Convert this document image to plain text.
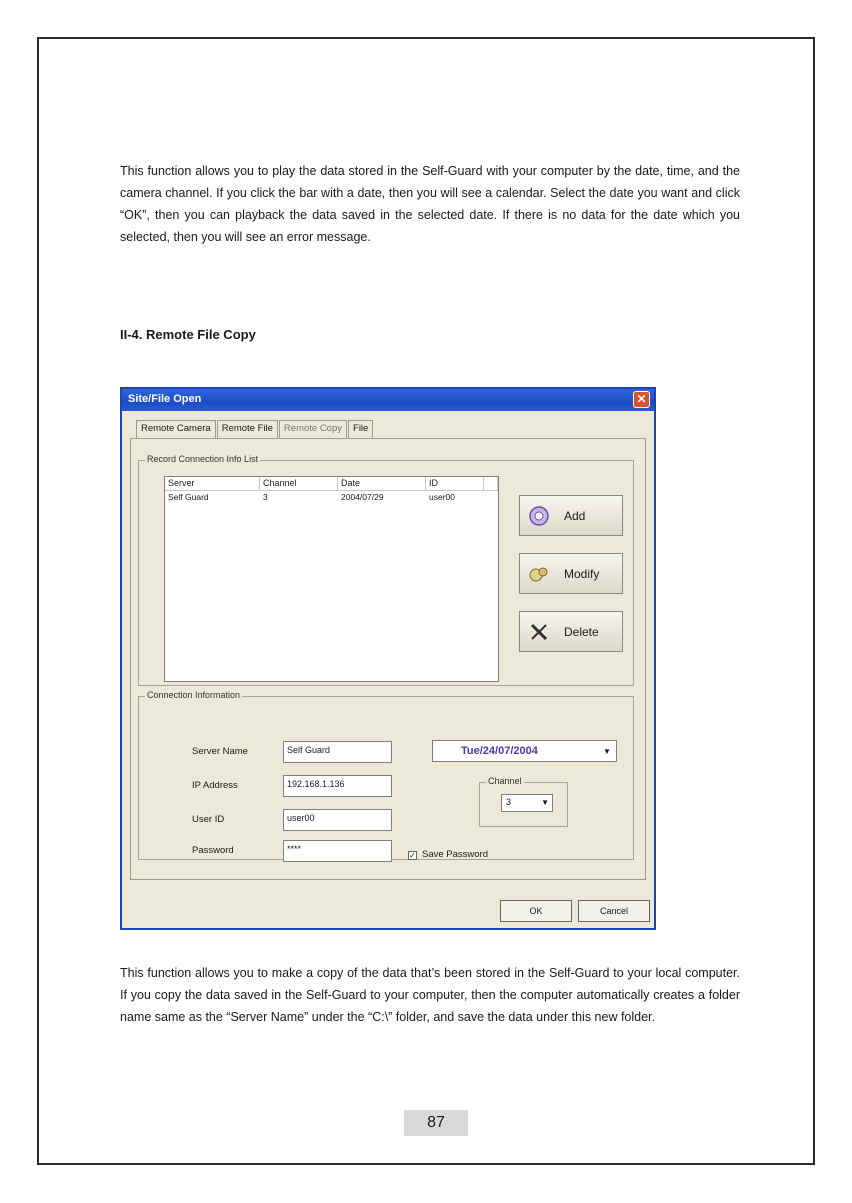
This function allows you to play the data stored in the Self-Guard with your computer by the date, time, and the camera channel. If you click the bar with a date, then you will see a calendar. Select the date you want and click “OK”, then you can playback the data saved in the selected date. If there is no data for the date which you selected, then you will see an error message.

II-4. Remote File Copy
Site/File Open	✕
Remote Camera	Remote File	Remote Copy	File
Record Connection Info List
Server	Channel	Date	ID
Self Guard	3	2004/07/29	user00
Add
Modify
Delete
Connection Information
Server Name	Self Guard
IP Address	192.168.1.136
User ID	user00
Password	****
Tue/24/07/2004	▼
Channel
3	▼
✓ Save Password
OK	Cancel

This function allows you to make a copy of the data that’s been stored in the Self-Guard to your local computer. If you copy the data saved in the Self-Guard to your computer, then the computer automatically creates a folder name same as the “Server Name” under the “C:\” folder, and save the data under this new folder.

87
